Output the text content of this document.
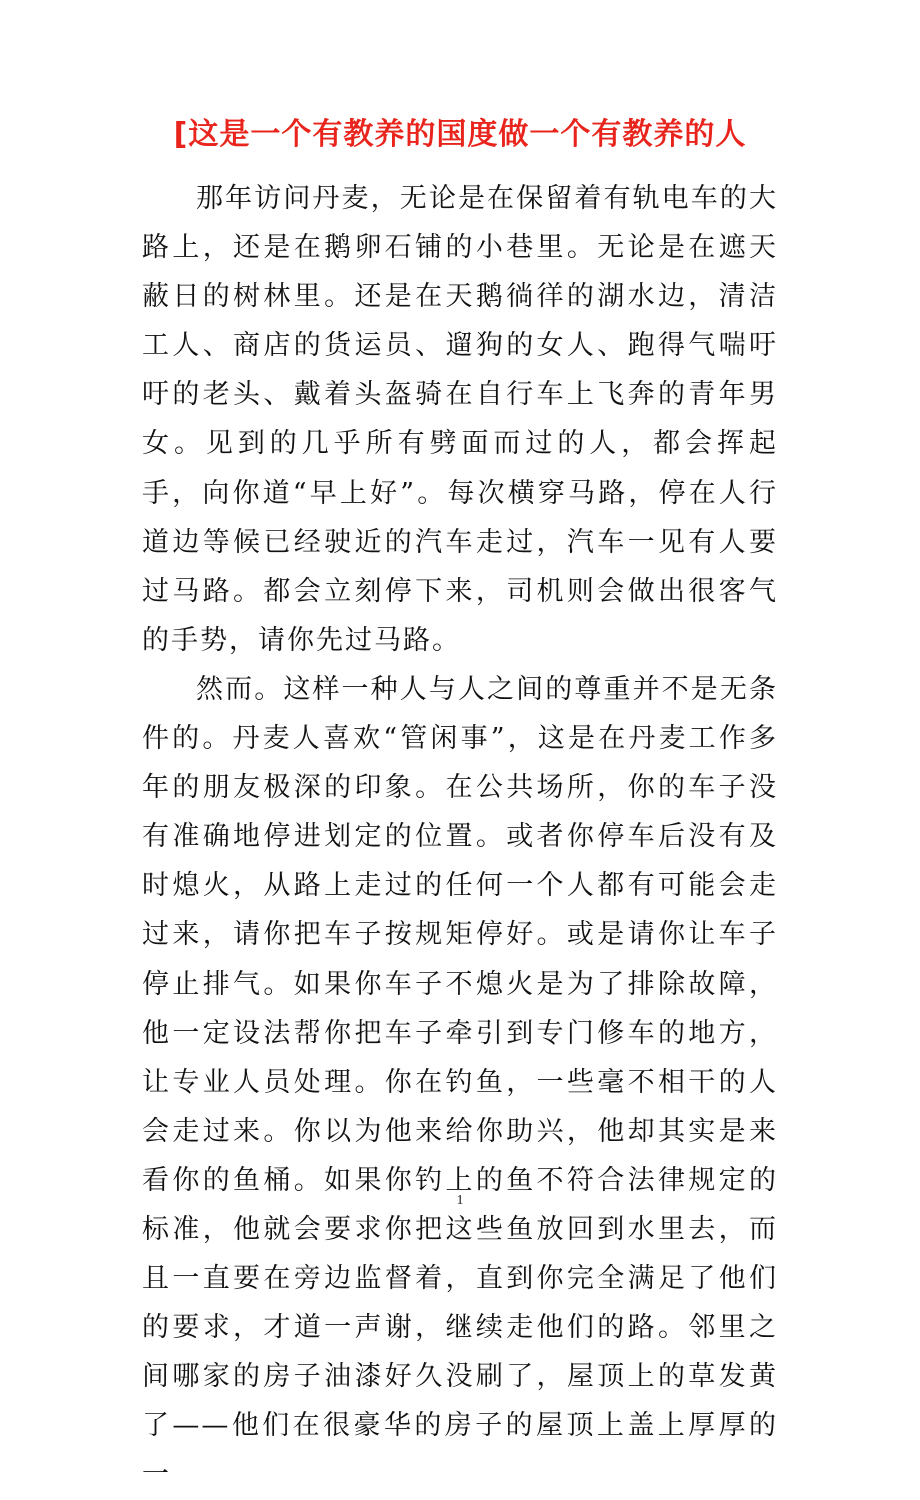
[这是一个有教养的国度做一个有教养的人

那年访问丹麦，无论是在保留着有轨电车的大路上，还是在鹅卵石铺的小巷里。无论是在遮天蔽日的树林里。还是在天鹅徜徉的湖水边，清洁工人、商店的货运员、遛狗的女人、跑得气喘吁吁的老头、戴着头盔骑在自行车上飞奔的青年男女。见到的几乎所有劈面而过的人，都会挥起手，向你道“早上好”。每次横穿马路，停在人行道边等候已经驶近的汽车走过，汽车一见有人要过马路。都会立刻停下来，司机则会做出很客气的手势，请你先过马路。

然而。这样一种人与人之间的尊重并不是无条件的。丹麦人喜欢“管闲事”，这是在丹麦工作多年的朋友极深的印象。在公共场所，你的车子没有准确地停进划定的位置。或者你停车后没有及时熄火，从路上走过的任何一个人都有可能会走过来，请你把车子按规矩停好。或是请你让车子停止排气。如果你车子不熄火是为了排除故障，他一定设法帮你把车子牵引到专门修车的地方，让专业人员处理。你在钓鱼，一些毫不相干的人会走过来。你以为他来给你助兴，他却其实是来看你的鱼桶。如果你钓上的鱼不符合法律规定的标准，他就会要求你把这些鱼放回到水里去，而且一直要在旁边监督着，直到你完全满足了他们的要求，才道一声谢，继续走他们的路。邻里之间哪家的房子油漆好久没刷了，屋顶上的草发黄了——他们在很豪华的房子的屋顶上盖上厚厚的一

1
